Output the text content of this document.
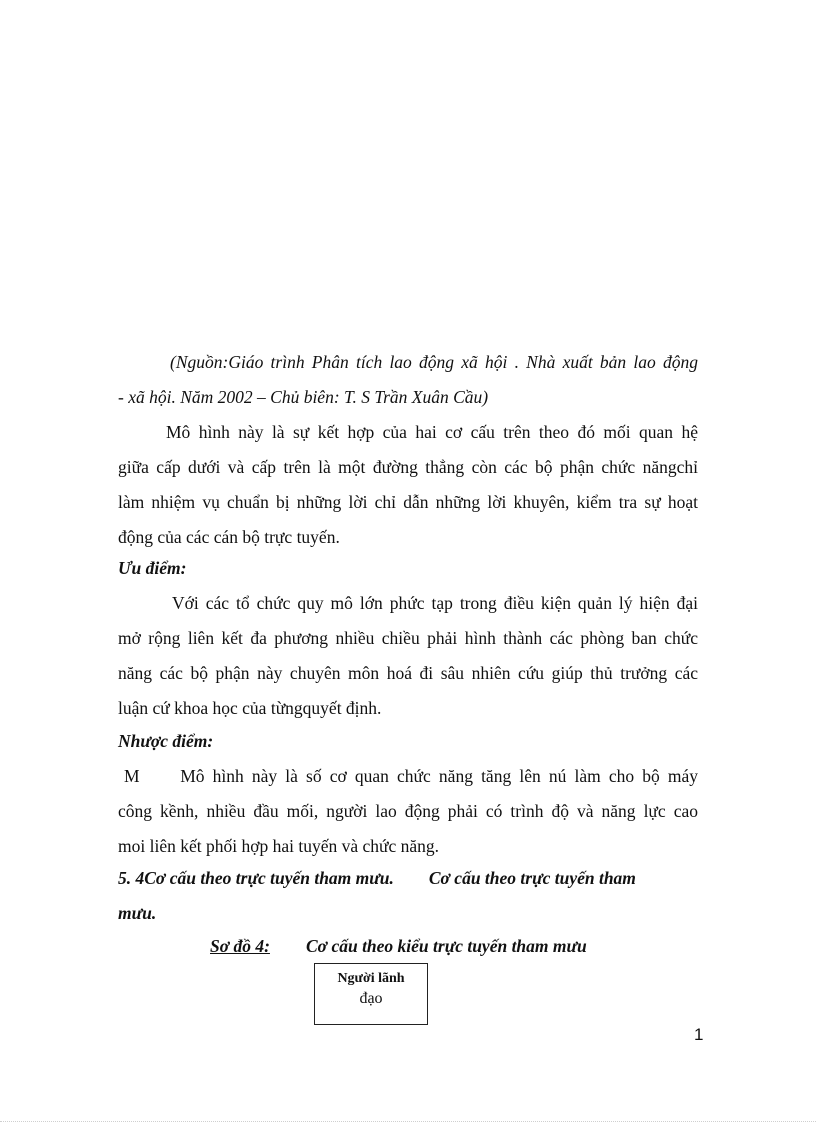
(Nguồn:Giáo trình Phân tích lao động xã hội . Nhà xuất bản lao động
- xã hội. Năm 2002 – Chủ biên: T. S Trần Xuân Cầu)
Mô hình này là sự kết hợp của hai cơ cấu trên theo đó mối quan hệ
giữa cấp dưới và cấp trên là một đường thẳng còn các bộ phận chức năngchỉ
làm nhiệm vụ chuẩn bị những lời chỉ dẫn những lời khuyên, kiểm tra sự hoạt
động của các cán bộ trực tuyến.
Ưu điểm:
Với các tổ chức quy mô lớn phức tạp trong điều kiện quản lý hiện đại
mở rộng liên kết đa phương nhiều chiều phải hình thành các phòng ban chức
năng các bộ phận này chuyên môn hoá đi sâu nhiên cứu giúp thủ trưởng các
luận cứ khoa học của từngquyết định.
Nhược điểm:
M     Mô hình này là số cơ quan chức năng tăng lên nú làm cho bộ máy
công kềnh, nhiều đầu mối, người lao động phải có trình độ và năng lực cao
moi liên kết phối hợp hai tuyến và chức năng.
5. 4Cơ cấu theo trực tuyến tham mưu.        Cơ cấu theo trực tuyến tham
mưu.
Sơ đồ 4: Cơ cấu theo kiểu trực tuyến tham mưu
Người lãnh
đạo
1
